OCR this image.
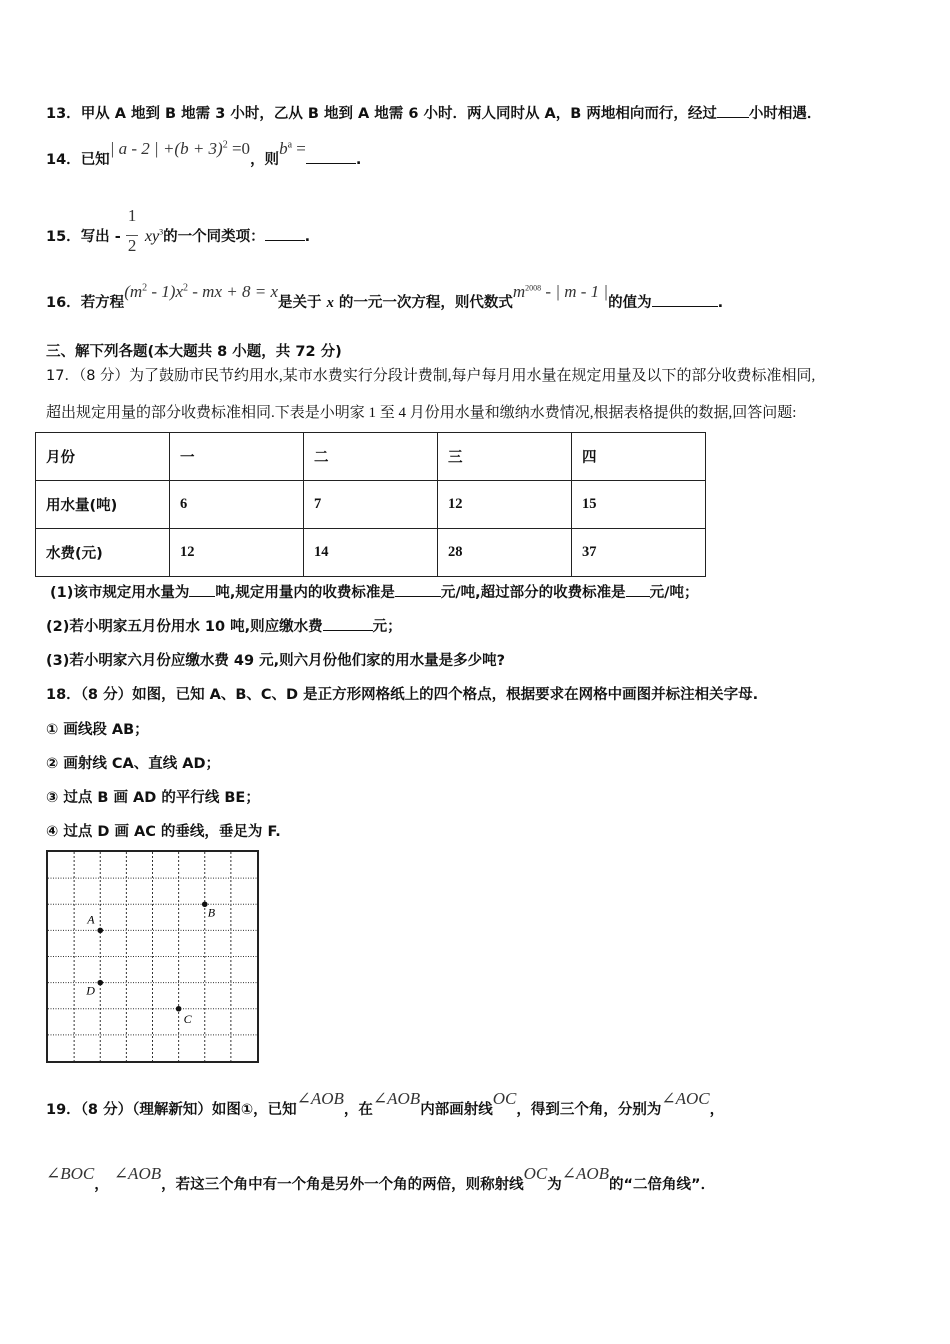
13．甲从 A 地到 B 地需 3 小时，乙从 B 地到 A 地需 6 小时．两人同时从 A，B 两地相向而行，经过 小时相遇．
14．已知| a - 2 | $+(b + 3)^2 =0$，则$b^a$ =.
15．写出 - $\frac{1}{2} xy^3$的一个同类项：	.
16．若方程$(m^2 - 1)x^2$ - mx + 8 = x是关于 x 的一元一次方程，则代数式$m^{2008}$ - | m - 1 |的值为	.
三、解下列各题(本大题共 8 小题，共 72 分)
17．（8 分）为了鼓励市民节约用水,某市水费实行分段计费制,每户每月用水量在规定用量及以下的部分收费标准相同,
超出规定用量的部分收费标准相同.下表是小明家 1 至 4 月份用水量和缴纳水费情况,根据表格提供的数据,回答问题:
月份	一	二	三	四
用水量(吨)	6	7	12	15
水费(元)	12	14	28	37
(1)该市规定用水量为 吨,规定用量内的收费标准是	元/吨,超过部分的收费标准是 元/吨；
(2)若小明家五月份用水 10 吨,则应缴水费	元；
(3)若小明家六月份应缴水费 49 元,则六月份他们家的用水量是多少吨?
18．（8 分）如图，已知 A、B、C、D 是正方形网格纸上的四个格点，根据要求在网格中画图并标注相关字母.
① 画线段 AB；
② 画射线 CA、直线 AD；
③ 过点 B 画 AD 的平行线 BE；
④ 过点 D 画 AC 的垂线，垂足为 F.
A
B
C
D
19．（8 分）（理解新知）如图①，已知∠AOB，在∠AOB内部画射线OC，得到三个角，分别为∠AOC，
∠BOC， ∠AOB，若这三个角中有一个角是另外一个角的两倍，则称射线OC为∠AOB的“二倍角线”．
